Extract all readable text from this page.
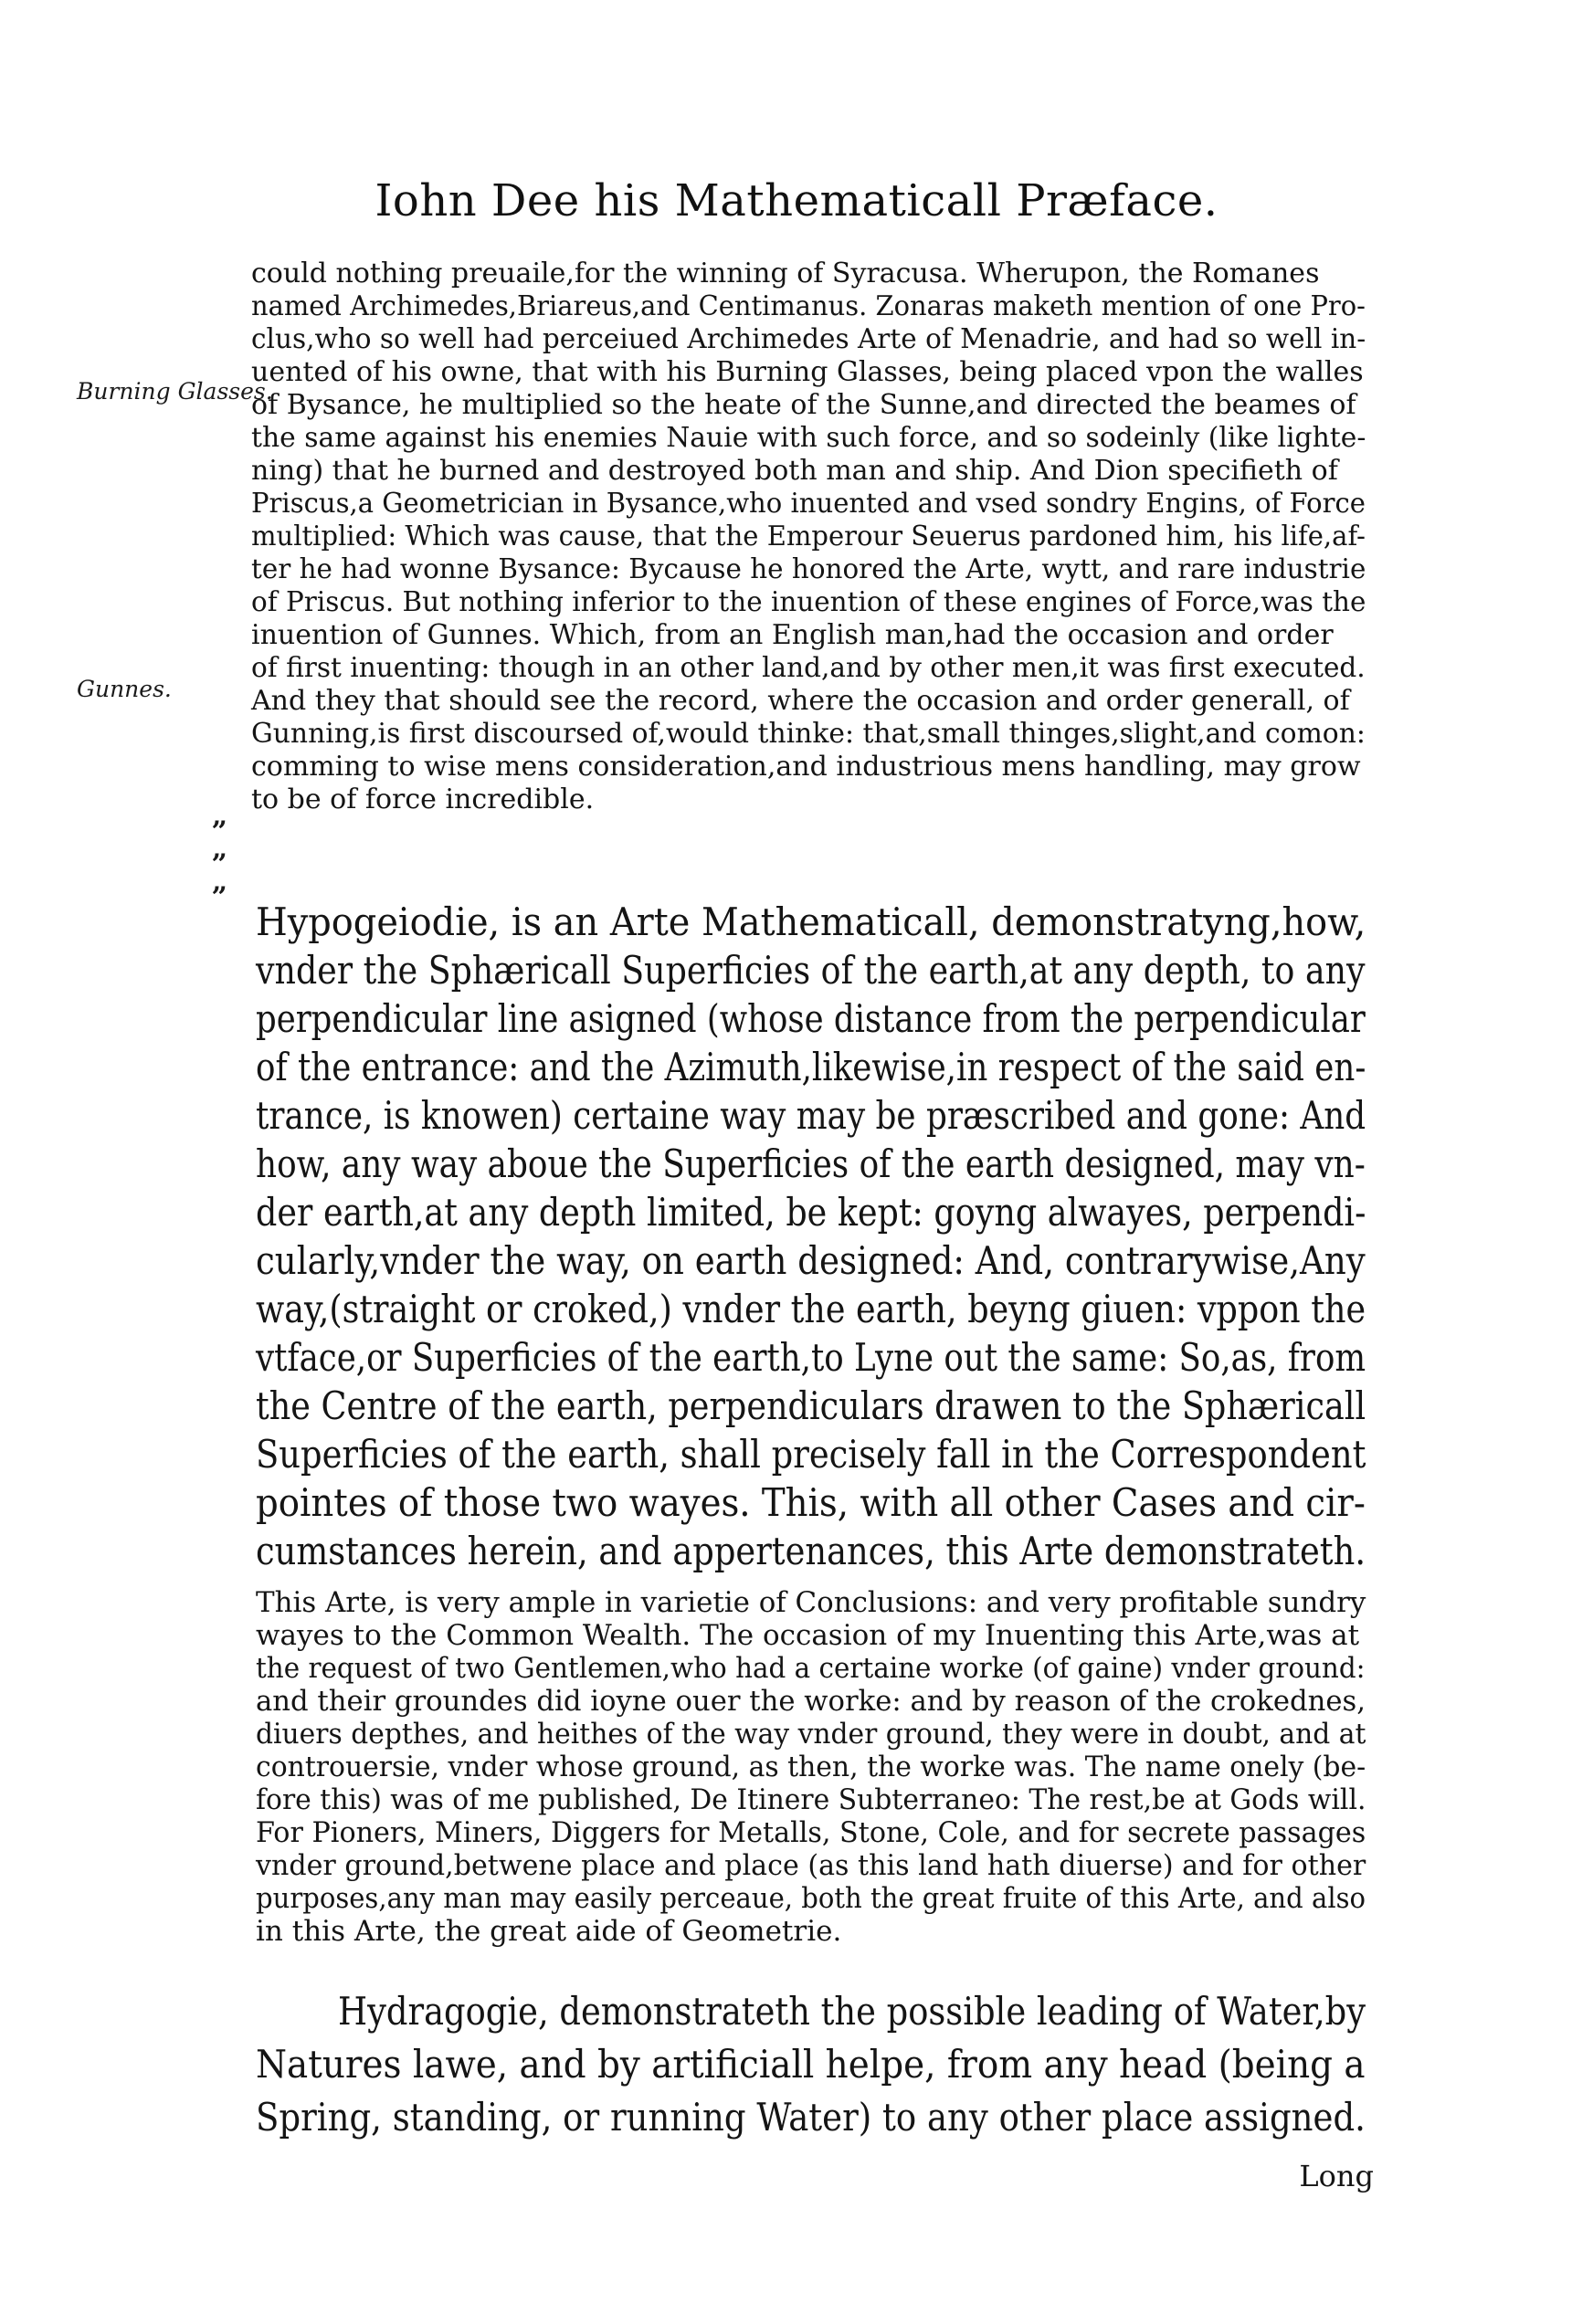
Iohn Dee his Mathematicall Præface.
Burning Glasses.
Gunnes.
„
„
„
could nothing preuaile,for the winning of Syracusa. Wherupon, the Romanes
named Archimedes,Briareus,and Centimanus. Zonaras maketh mention of one Pro-
clus,who so well had perceiued Archimedes Arte of Menadrie, and had so well in-
uented of his owne, that with his Burning Glasses, being placed vpon the walles
of Bysance, he multiplied so the heate of the Sunne,and directed the beames of
the same against his enemies Nauie with such force, and so sodeinly (like lighte-
ning) that he burned and destroyed both man and ship. And Dion specifieth of
Priscus,a Geometrician in Bysance,who inuented and vsed sondry Engins, of Force
multiplied: Which was cause, that the Emperour Seuerus pardoned him, his life,af-
ter he had wonne Bysance: Bycause he honored the Arte, wytt, and rare industrie
of Priscus. But nothing inferior to the inuention of these engines of Force,was the
inuention of Gunnes. Which, from an English man,had the occasion and order
of first inuenting: though in an other land,and by other men,it was first executed.
And they that should see the record, where the occasion and order generall, of
Gunning,is first discoursed of,would thinke: that,small thinges,slight,and comon:
comming to wise mens consideration,and industrious mens handling, may grow
to be of force incredible.
Hypogeiodie, is an Arte Mathematicall, demonstratyng,how,
vnder the Sphæricall Superficies of the earth,at any depth, to any
perpendicular line asigned (whose distance from the perpendicular
of the entrance: and the Azimuth,likewise,in respect of the said en-
trance, is knowen) certaine way may be præscribed and gone: And
how, any way aboue the Superficies of the earth designed, may vn-
der earth,at any depth limited, be kept: goyng alwayes, perpendi-
cularly,vnder the way, on earth designed: And, contrarywise,Any
way,(straight or croked,) vnder the earth, beyng giuen: vppon the
vtface,or Superficies of the earth,to Lyne out the same: So,as, from
the Centre of the earth, perpendiculars drawen to the Sphæricall
Superficies of the earth, shall precisely fall in the Correspondent
pointes of those two wayes. This, with all other Cases and cir-
cumstances herein, and appertenances, this Arte demonstrateth.
This Arte, is very ample in varietie of Conclusions: and very profitable sundry
wayes to the Common Wealth. The occasion of my Inuenting this Arte,was at
the request of two Gentlemen,who had a certaine worke (of gaine) vnder ground:
and their groundes did ioyne ouer the worke: and by reason of the crokednes,
diuers depthes, and heithes of the way vnder ground, they were in doubt, and at
controuersie, vnder whose ground, as then, the worke was. The name onely (be-
fore this) was of me published, De Itinere Subterraneo: The rest,be at Gods will.
For Pioners, Miners, Diggers for Metalls, Stone, Cole, and for secrete passages
vnder ground,betwene place and place (as this land hath diuerse) and for other
purposes,any man may easily perceaue, both the great fruite of this Arte, and also
in this Arte, the great aide of Geometrie.
Hydragogie, demonstrateth the possible leading of Water,by
Natures lawe, and by artificiall helpe, from any head (being a
Spring, standing, or running Water) to any other place assigned.
Long
